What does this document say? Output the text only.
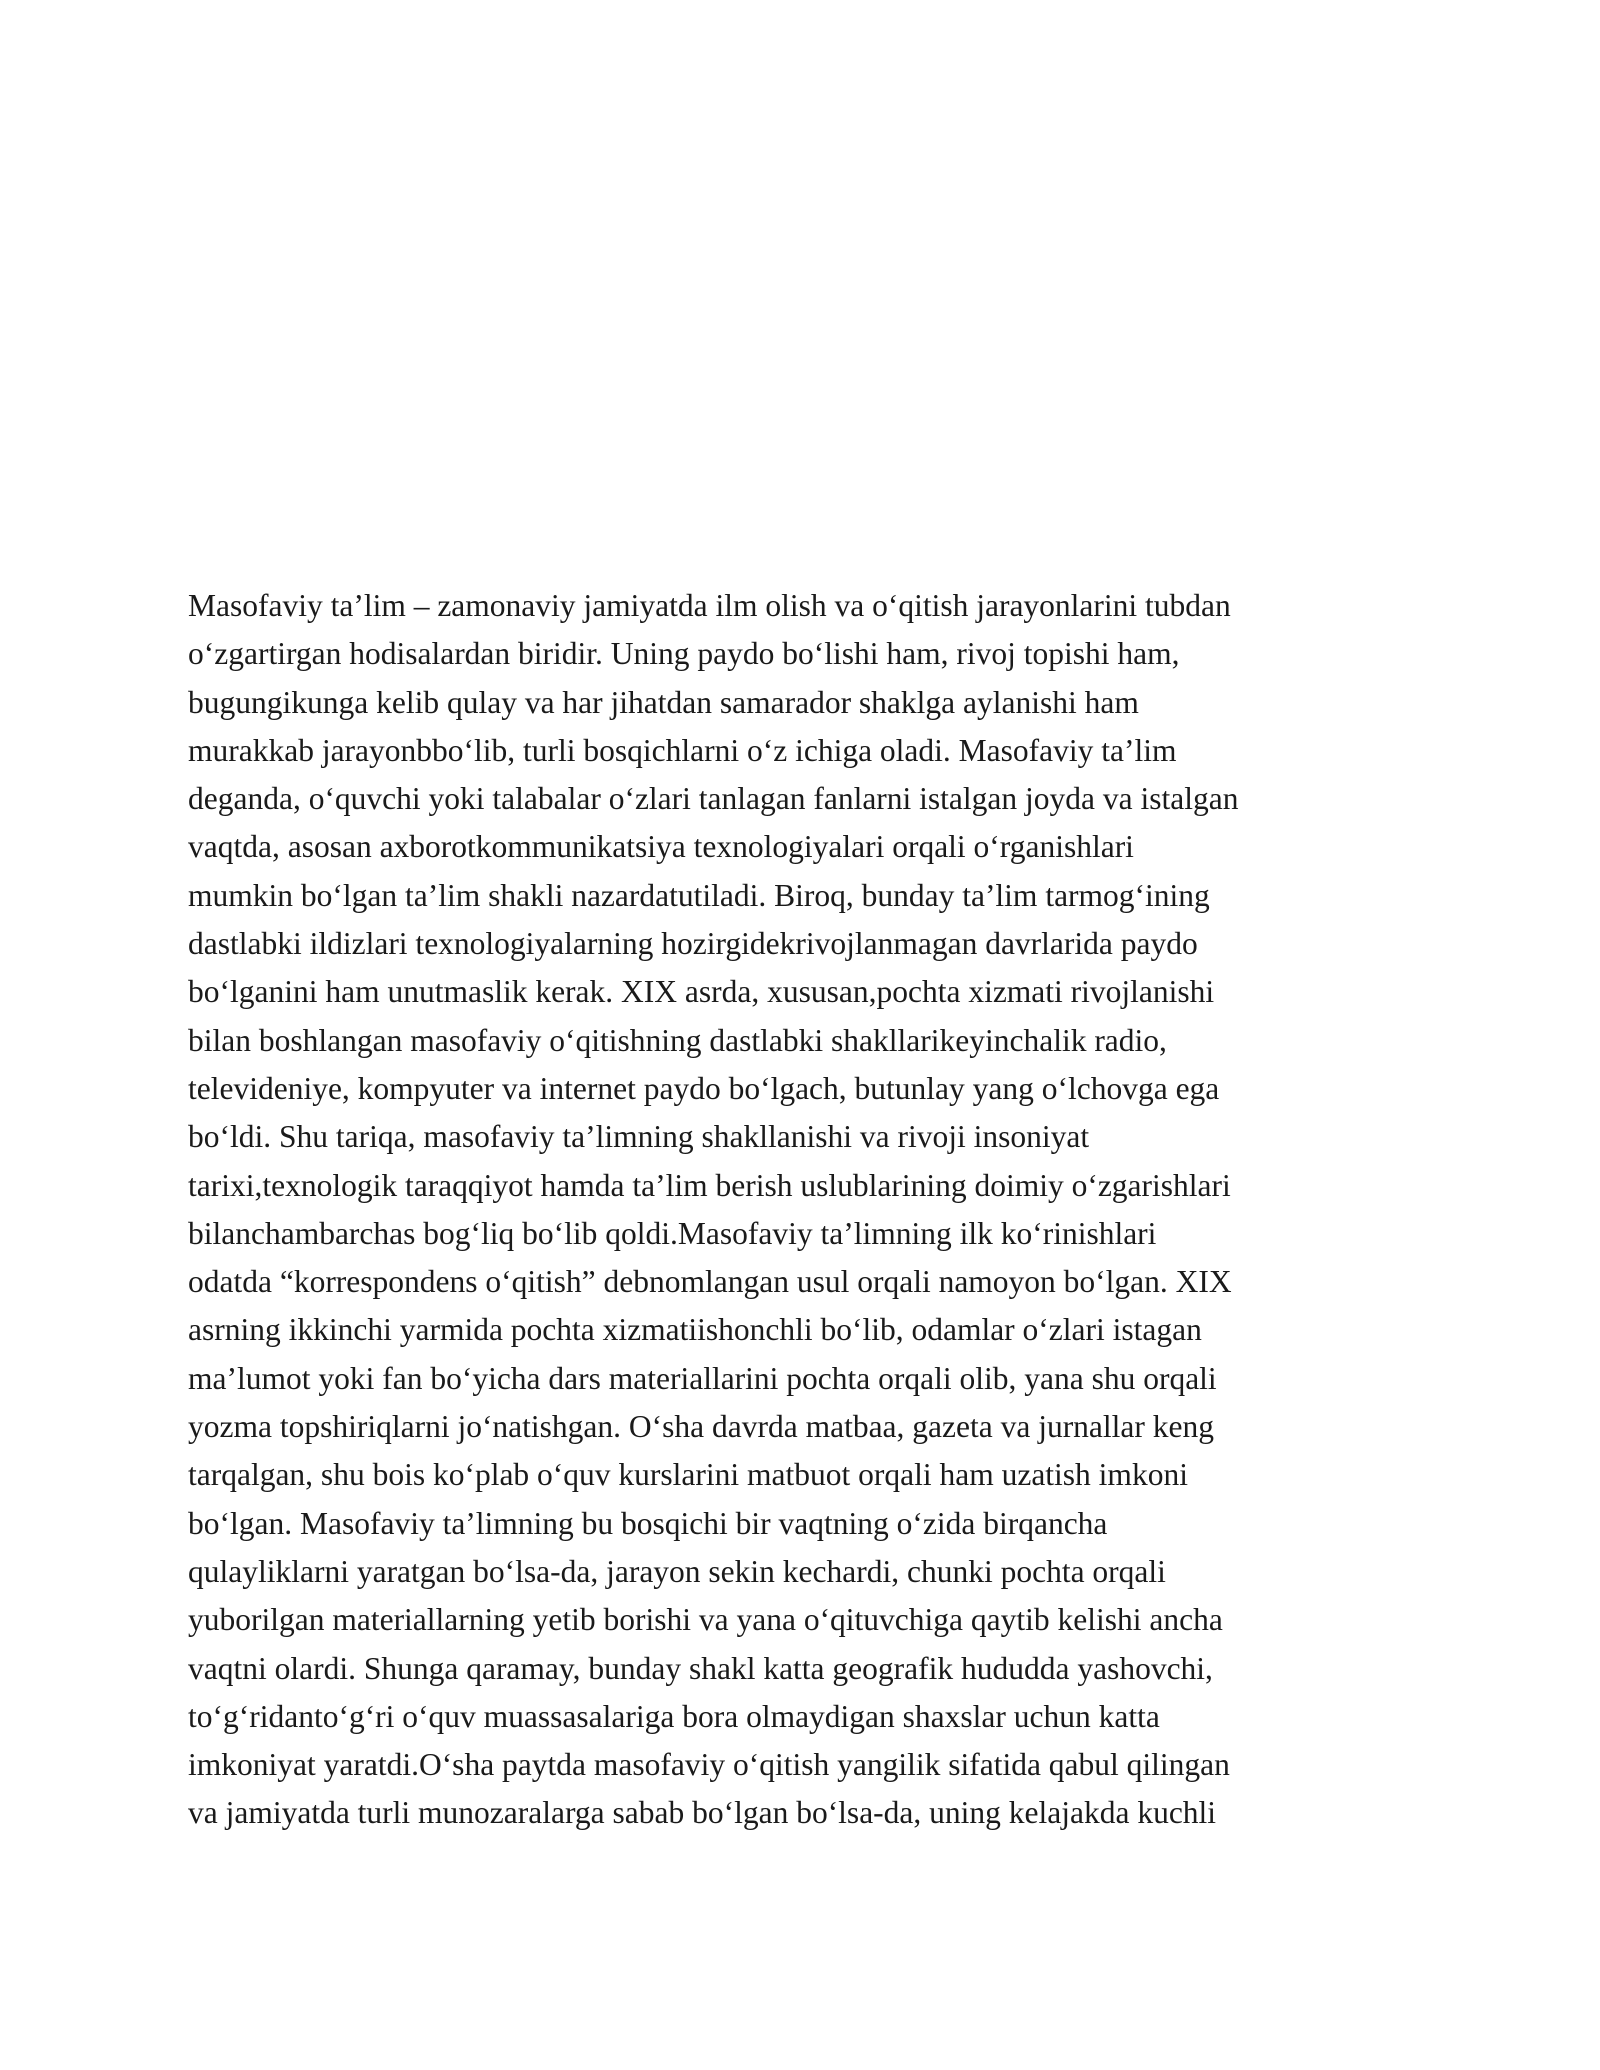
Masofaviy ta’lim – zamonaviy jamiyatda ilm olish va o‘qitish jarayonlarini tubdan
o‘zgartirgan hodisalardan biridir. Uning paydo bo‘lishi ham, rivoj topishi ham,
bugungikunga kelib qulay va har jihatdan samarador shaklga aylanishi ham
murakkab jarayonbbo‘lib, turli bosqichlarni o‘z ichiga oladi. Masofaviy ta’lim
deganda, o‘quvchi yoki talabalar o‘zlari tanlagan fanlarni istalgan joyda va istalgan
vaqtda, asosan axborotkommunikatsiya texnologiyalari orqali o‘rganishlari
mumkin bo‘lgan ta’lim shakli nazardatutiladi. Biroq, bunday ta’lim tarmog‘ining
dastlabki ildizlari texnologiyalarning hozirgidekrivojlanmagan davrlarida paydo
bo‘lganini ham unutmaslik kerak. XIX asrda, xususan,pochta xizmati rivojlanishi
bilan boshlangan masofaviy o‘qitishning dastlabki shakllarikeyinchalik radio,
televideniye, kompyuter va internet paydo bo‘lgach, butunlay yang o‘lchovga ega
bo‘ldi. Shu tariqa, masofaviy ta’limning shakllanishi va rivoji insoniyat
tarixi,texnologik taraqqiyot hamda ta’lim berish uslublarining doimiy o‘zgarishlari
bilanchambarchas bog‘liq bo‘lib qoldi.Masofaviy ta’limning ilk ko‘rinishlari
odatda “korrespondens o‘qitish” debnomlangan usul orqali namoyon bo‘lgan. XIX
asrning ikkinchi yarmida pochta xizmatiishonchli bo‘lib, odamlar o‘zlari istagan
ma’lumot yoki fan bo‘yicha dars materiallarini pochta orqali olib, yana shu orqali
yozma topshiriqlarni jo‘natishgan. O‘sha davrda matbaa, gazeta va jurnallar keng
tarqalgan, shu bois ko‘plab o‘quv kurslarini matbuot orqali ham uzatish imkoni
bo‘lgan. Masofaviy ta’limning bu bosqichi bir vaqtning o‘zida birqancha
qulayliklarni yaratgan bo‘lsa-da, jarayon sekin kechardi, chunki pochta orqali
yuborilgan materiallarning yetib borishi va yana o‘qituvchiga qaytib kelishi ancha
vaqtni olardi. Shunga qaramay, bunday shakl katta geografik hududda yashovchi,
to‘g‘ridanto‘g‘ri o‘quv muassasalariga bora olmaydigan shaxslar uchun katta
imkoniyat yaratdi.O‘sha paytda masofaviy o‘qitish yangilik sifatida qabul qilingan
va jamiyatda turli munozaralarga sabab bo‘lgan bo‘lsa-da, uning kelajakda kuchli
